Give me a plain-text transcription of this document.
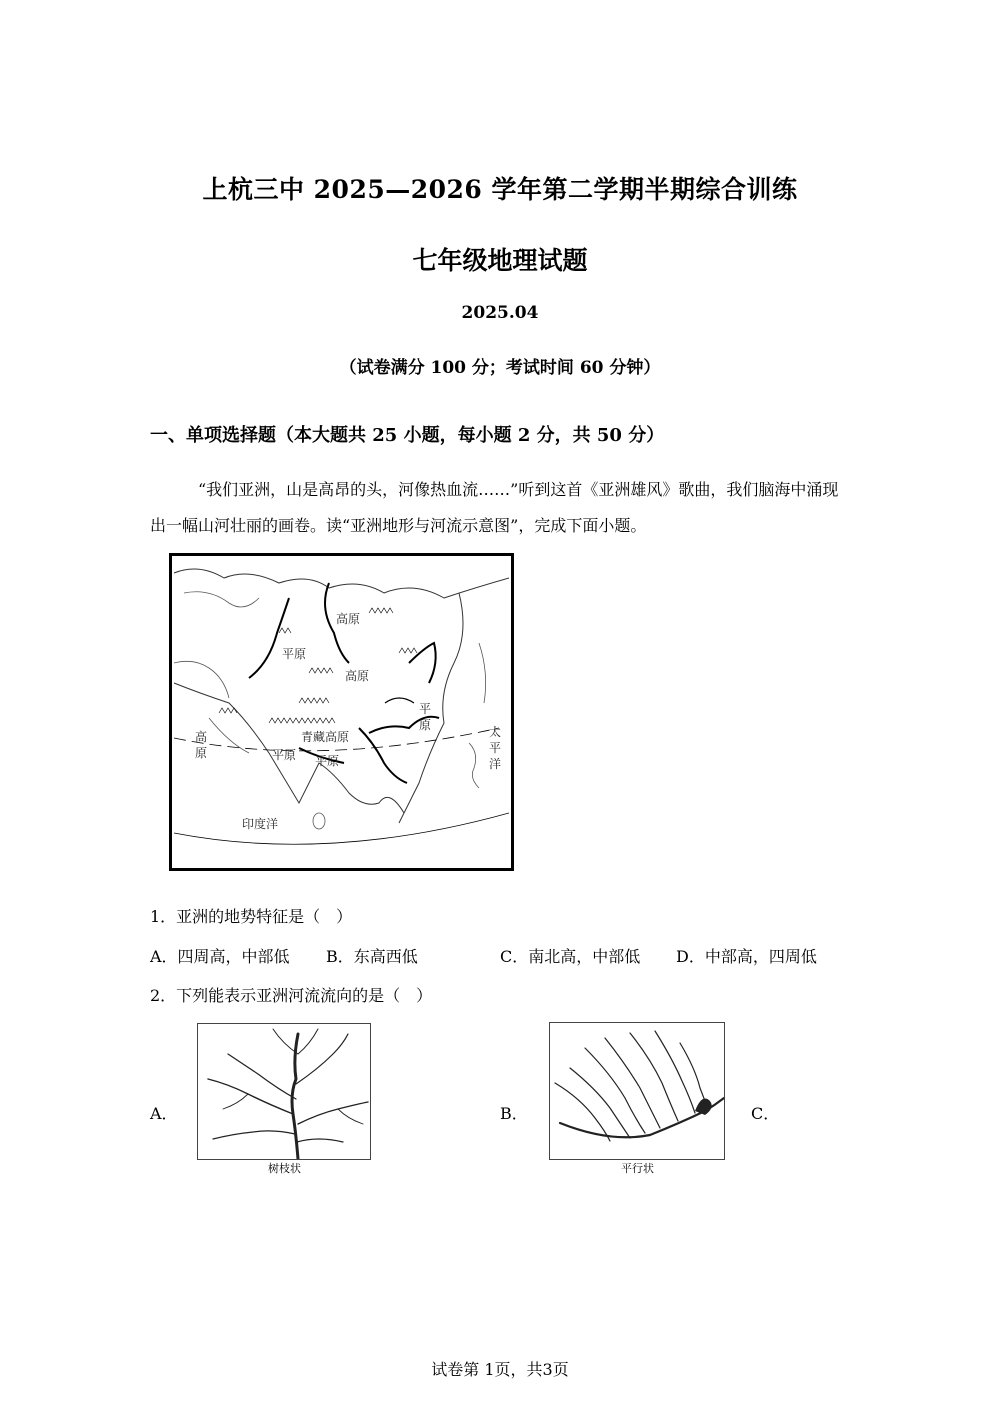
上杭三中 2025—2026 学年第二学期半期综合训练
七年级地理试题
2025.04
（试卷满分 100 分；考试时间 60 分钟）
一、单项选择题（本大题共 25 小题，每小题 2 分，共 50 分）
“我们亚洲，山是高昂的头，河像热血流……”听到这首《亚洲雄风》歌曲，我们脑海中涌现出一幅山河壮丽的画卷。读“亚洲地形与河流示意图”，完成下面小题。
高原
平原
高原
平
原
高
原
青藏高原
平原 平原
太
平
洋
印度洋
1．亚洲的地势特征是（　）
A．四周高，中部低 B．东高西低	C．南北高，中部低 D．中部高，四周低
2．下列能表示亚洲河流流向的是（　）
A．	B．	C．
树枝状	平行状
试卷第 1页，共3页
